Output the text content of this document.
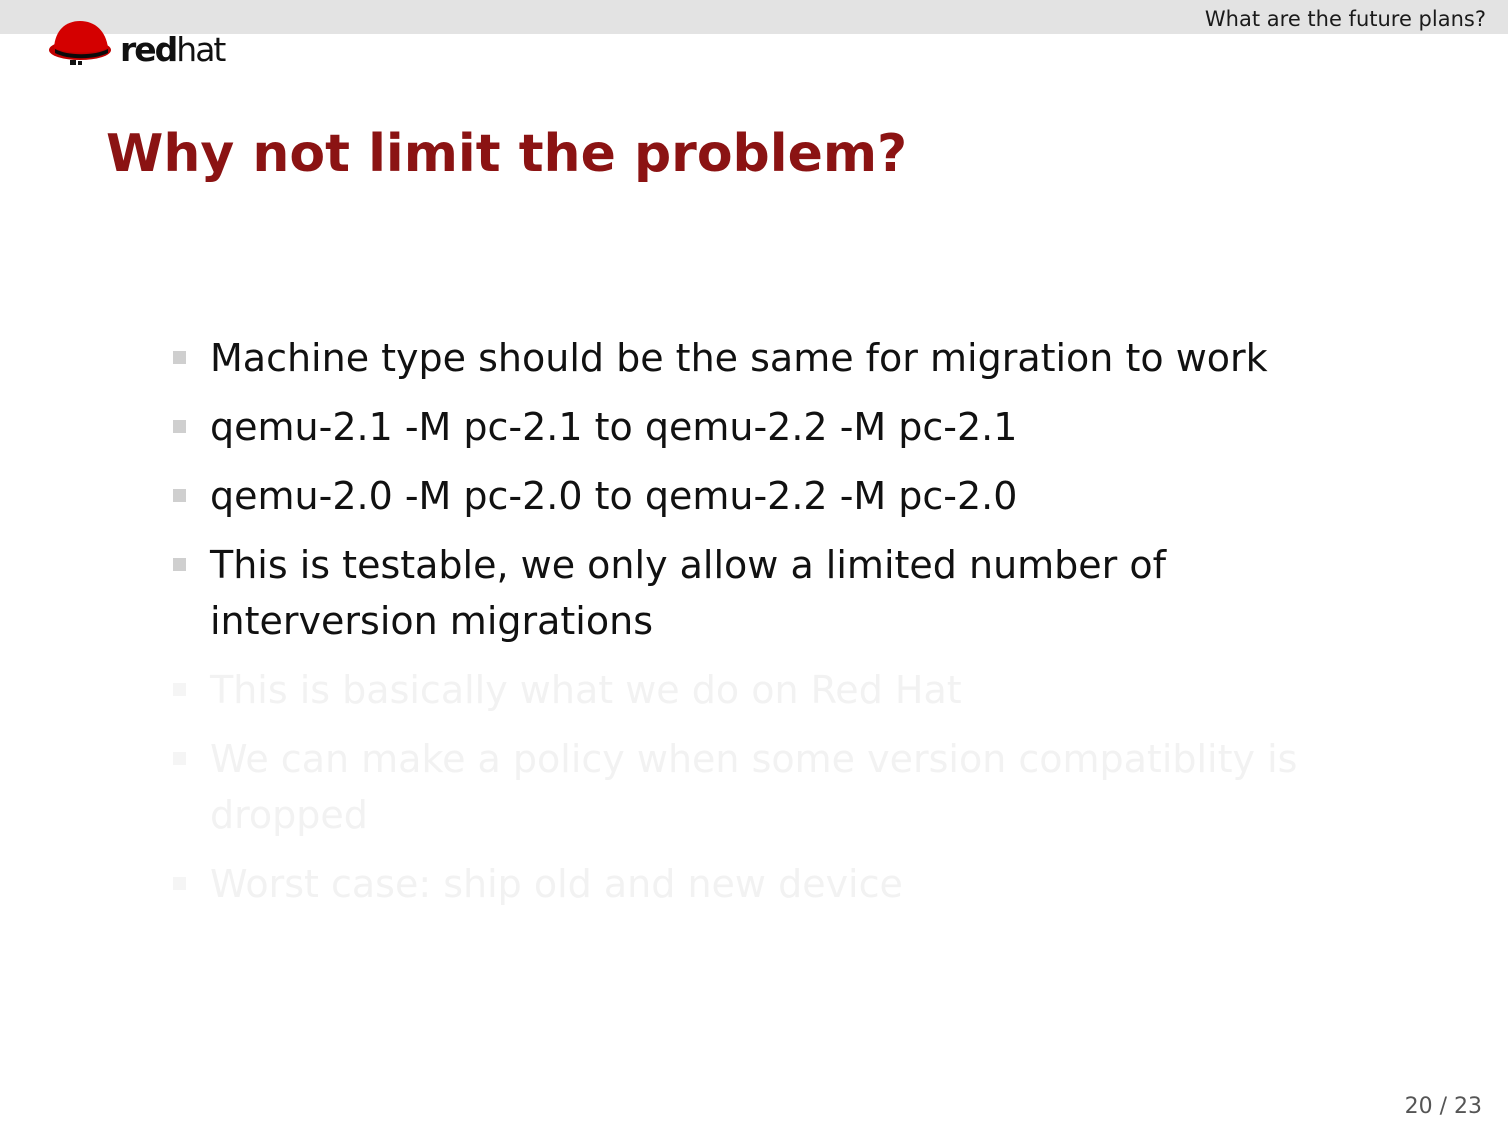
What are the future plans?
redhat
Why not limit the problem?
Machine type should be the same for migration to work
qemu-2.1 -M pc-2.1 to qemu-2.2 -M pc-2.1
qemu-2.0 -M pc-2.0 to qemu-2.2 -M pc-2.0
This is testable, we only allow a limited number of interversion migrations
This is basically what we do on Red Hat
We can make a policy when some version compatiblity is dropped
Worst case: ship old and new device
20 / 23
